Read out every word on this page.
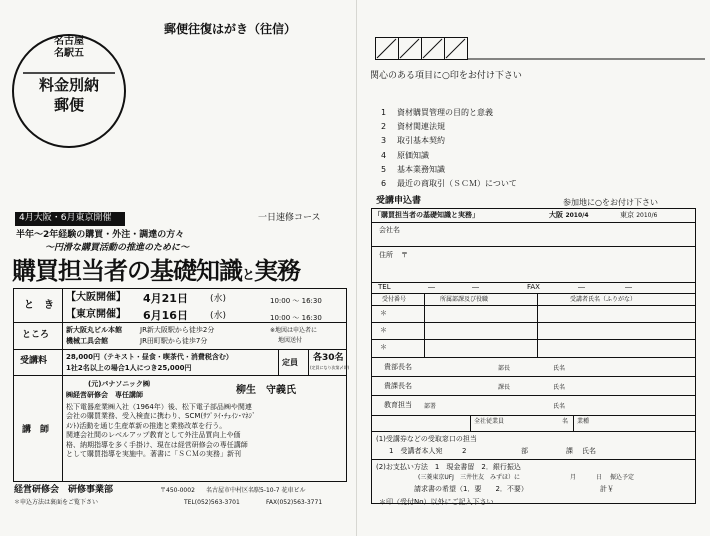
郵便往復はがき（往信）
名古屋
名駅五
料金別納
郵便
4月大阪・6月東京開催	一日速修コース
半年～2年経験の購買・外注・調達の方々
～円滑な購買活動の推進のために～
購買担当者の基礎知識と実務
と　き
【大阪開催】 4月21日 (水)	10:00 ～ 16:30
【東京開催】 6月16日 (水)	10:00 ～ 16:30
ところ 新大阪丸ビル本館	JR新大阪駅から徒歩2分
機械工具会館	JR田町駅から徒歩7分
※地図は申込者に
地図送付
受講料	28,000円（テキスト・昼食・喫茶代・消費税含む）
1社2名以上の場合1人につき25,000円
定員 各30名
(定員になり次第〆切)
講　師
(元)パナソニック㈱
㈱経営研修会　専任講師	柳生　守義氏
松下電器産業㈱入社（1964年）後、松下電子部品㈱や関連
会社の購買業務、受入検査に携わり、SCM(ｻﾌﾟﾗｲ･ﾁｪｲﾝ･ﾏﾈｼﾞ
ﾒﾝﾄ)活動を通じ生産革新の推進と業務改革を行う。
関連会社間のレベルアップ教育として外注品質向上や価
格、納期指導を多く手掛け、現在は経営研修会の専任講師
として購買指導を実施中。著書に「ＳＣＭの実務」新刊
経営研修会　研修事業部	〒450-0002 名古屋市中村区名駅5-10-7 花車ビル
＊申込方法は裏面をご覧下さい	TEL(052)563-3701	FAX(052)563-3771
関心のある項目に○印をお付け下さい
1 資材購買管理の目的と意義
2 資材関連法規
3 取引基本契約
4 原価知識
5 基本業務知識
6 最近の商取引（ＳＣＭ）について
受講申込書	参加地に○をお付け下さい
「購買担当者の基礎知識と実務」	大阪 2010/4	東京 2010/6
会社名
住所 〒
TEL	―	―	FAX	―	―
受付番号	所属部課及び役職	受講者氏名（ふりがな）
＊
＊
＊
貴部長名	部長	氏名
貴課長名	課長	氏名
教育担当 部署	氏名
全社従業員	名 業種
(1)受講券などの受取窓口の担当
1　受講者本人宛	2	部	課 氏名
(2)お支払い方法　1　現金書留　2．銀行振込
(三菱東京UFJ　三井住友　みずほ）に	月	日 振込予定
請求書の希望（1．要　　2．不要）	計￥
＊印（受付No）以外にご記入下さい
